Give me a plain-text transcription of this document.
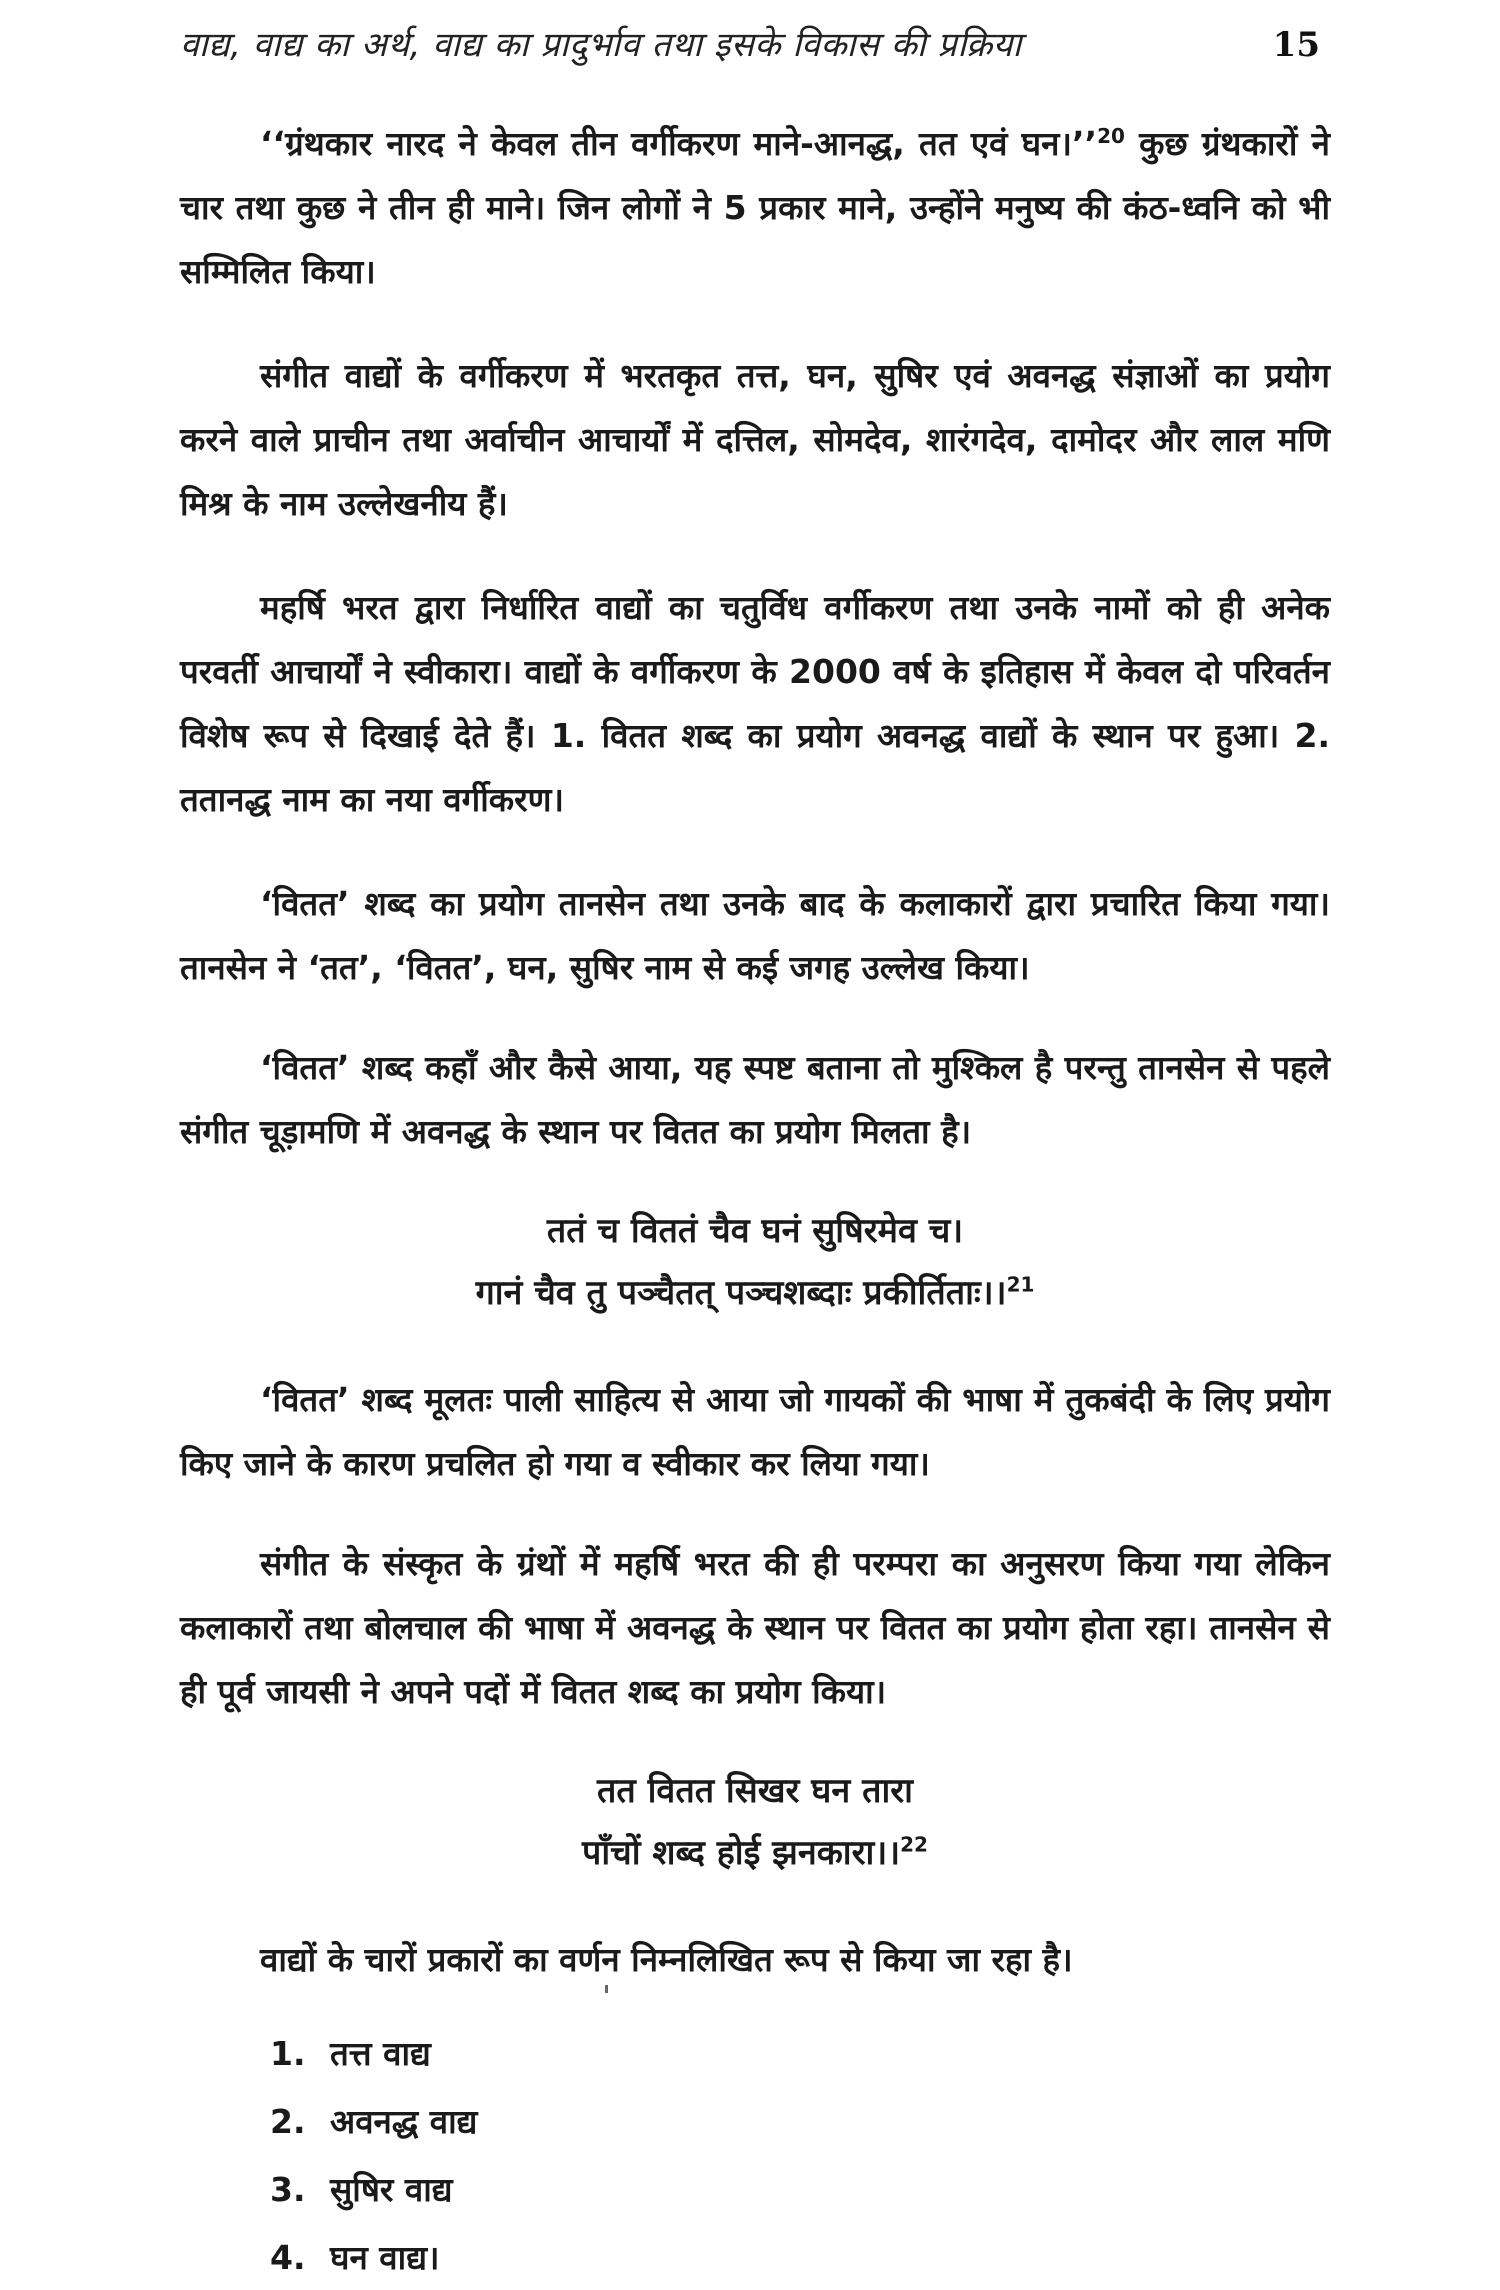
वाद्य, वाद्य का अर्थ, वाद्य का प्रादुर्भाव तथा इसके विकास की प्रक्रिया	15

‘‘ग्रंथकार नारद ने केवल तीन वर्गीकरण माने-आनद्ध, तत एवं घन।’’$^{20}$ कुछ ग्रंथकारों ने चार तथा कुछ ने तीन ही माने। जिन लोगों ने 5 प्रकार माने, उन्होंने मनुष्य की कंठ-ध्वनि को भी सम्मिलित किया।

संगीत वाद्यों के वर्गीकरण में भरतकृत तत्त, घन, सुषिर एवं अवनद्ध संज्ञाओं का प्रयोग करने वाले प्राचीन तथा अर्वाचीन आचार्यों में दत्तिल, सोमदेव, शारंगदेव, दामोदर और लाल मणि मिश्र के नाम उल्लेखनीय हैं।

महर्षि भरत द्वारा निर्धारित वाद्यों का चतुर्विध वर्गीकरण तथा उनके नामों को ही अनेक परवर्ती आचार्यों ने स्वीकारा। वाद्यों के वर्गीकरण के 2000 वर्ष के इतिहास में केवल दो परिवर्तन विशेष रूप से दिखाई देते हैं। 1. वितत शब्द का प्रयोग अवनद्ध वाद्यों के स्थान पर हुआ। 2. ततानद्ध नाम का नया वर्गीकरण।

‘वितत’ शब्द का प्रयोग तानसेन तथा उनके बाद के कलाकारों द्वारा प्रचारित किया गया। तानसेन ने ‘तत’, ‘वितत’, घन, सुषिर नाम से कई जगह उल्लेख किया।

‘वितत’ शब्द कहाँ और कैसे आया, यह स्पष्ट बताना तो मुश्किल है परन्तु तानसेन से पहले संगीत चूड़ामणि में अवनद्ध के स्थान पर वितत का प्रयोग मिलता है।

ततं च विततं चैव घनं सुषिरमेव च।
गानं चैव तु पञ्चैतत् पञ्चशब्दाः प्रकीर्तिताः।।$^{21}$

‘वितत’ शब्द मूलतः पाली साहित्य से आया जो गायकों की भाषा में तुकबंदी के लिए प्रयोग किए जाने के कारण प्रचलित हो गया व स्वीकार कर लिया गया।

संगीत के संस्कृत के ग्रंथों में महर्षि भरत की ही परम्परा का अनुसरण किया गया लेकिन कलाकारों तथा बोलचाल की भाषा में अवनद्ध के स्थान पर वितत का प्रयोग होता रहा। तानसेन से ही पूर्व जायसी ने अपने पदों में वितत शब्द का प्रयोग किया।

तत वितत सिखर घन तारा
पाँचों शब्द होई झनकारा।।$^{22}$

वाद्यों के चारों प्रकारों का वर्णन निम्नलिखित रूप से किया जा रहा है।

1. तत्त वाद्य
2. अवनद्ध वाद्य
3. सुषिर वाद्य
4. घन वाद्य।
